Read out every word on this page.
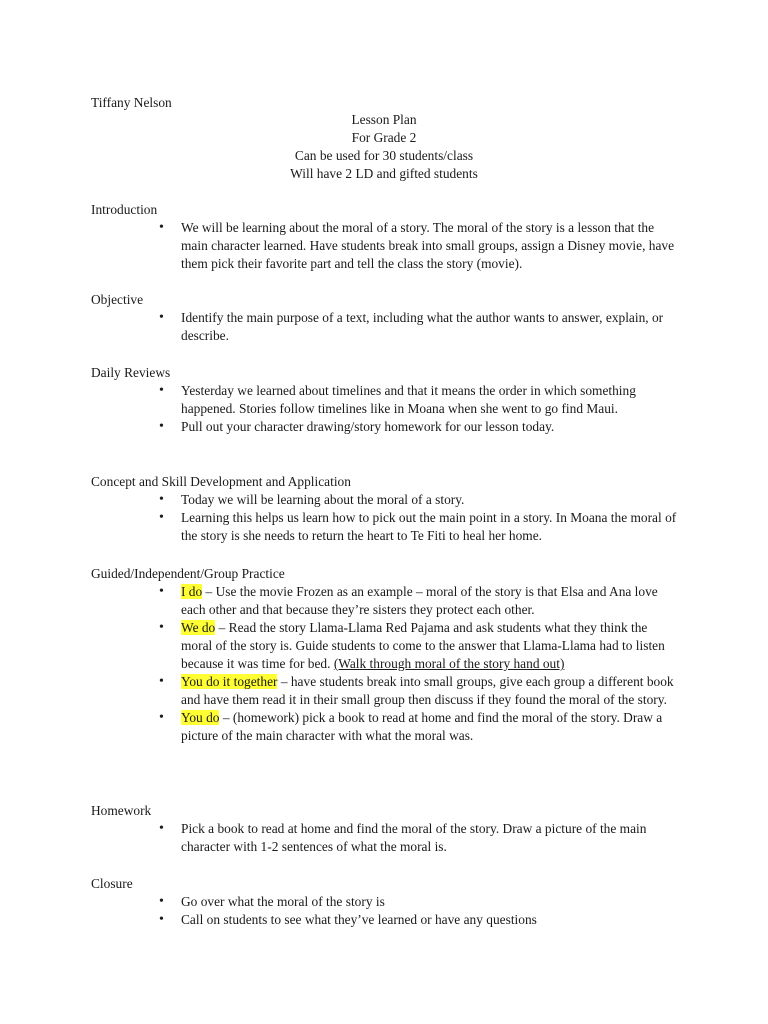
Tiffany Nelson
Lesson Plan
For Grade 2
Can be used for 30 students/class
Will have 2 LD and gifted students
Introduction
• We will be learning about the moral of a story. The moral of the story is a lesson that the main character learned. Have students break into small groups, assign a Disney movie, have them pick their favorite part and tell the class the story (movie).
Objective
• Identify the main purpose of a text, including what the author wants to answer, explain, or describe.
Daily Reviews
• Yesterday we learned about timelines and that it means the order in which something happened. Stories follow timelines like in Moana when she went to go find Maui.
• Pull out your character drawing/story homework for our lesson today.
Concept and Skill Development and Application
• Today we will be learning about the moral of a story.
• Learning this helps us learn how to pick out the main point in a story. In Moana the moral of the story is she needs to return the heart to Te Fiti to heal her home.
Guided/Independent/Group Practice
• I do – Use the movie Frozen as an example – moral of the story is that Elsa and Ana love each other and that because they’re sisters they protect each other.
• We do – Read the story Llama-Llama Red Pajama and ask students what they think the moral of the story is. Guide students to come to the answer that Llama-Llama had to listen because it was time for bed. (Walk through moral of the story hand out)
• You do it together – have students break into small groups, give each group a different book and have them read it in their small group then discuss if they found the moral of the story.
• You do – (homework) pick a book to read at home and find the moral of the story. Draw a picture of the main character with what the moral was.
Homework
• Pick a book to read at home and find the moral of the story. Draw a picture of the main character with 1-2 sentences of what the moral is.
Closure
• Go over what the moral of the story is
• Call on students to see what they’ve learned or have any questions
